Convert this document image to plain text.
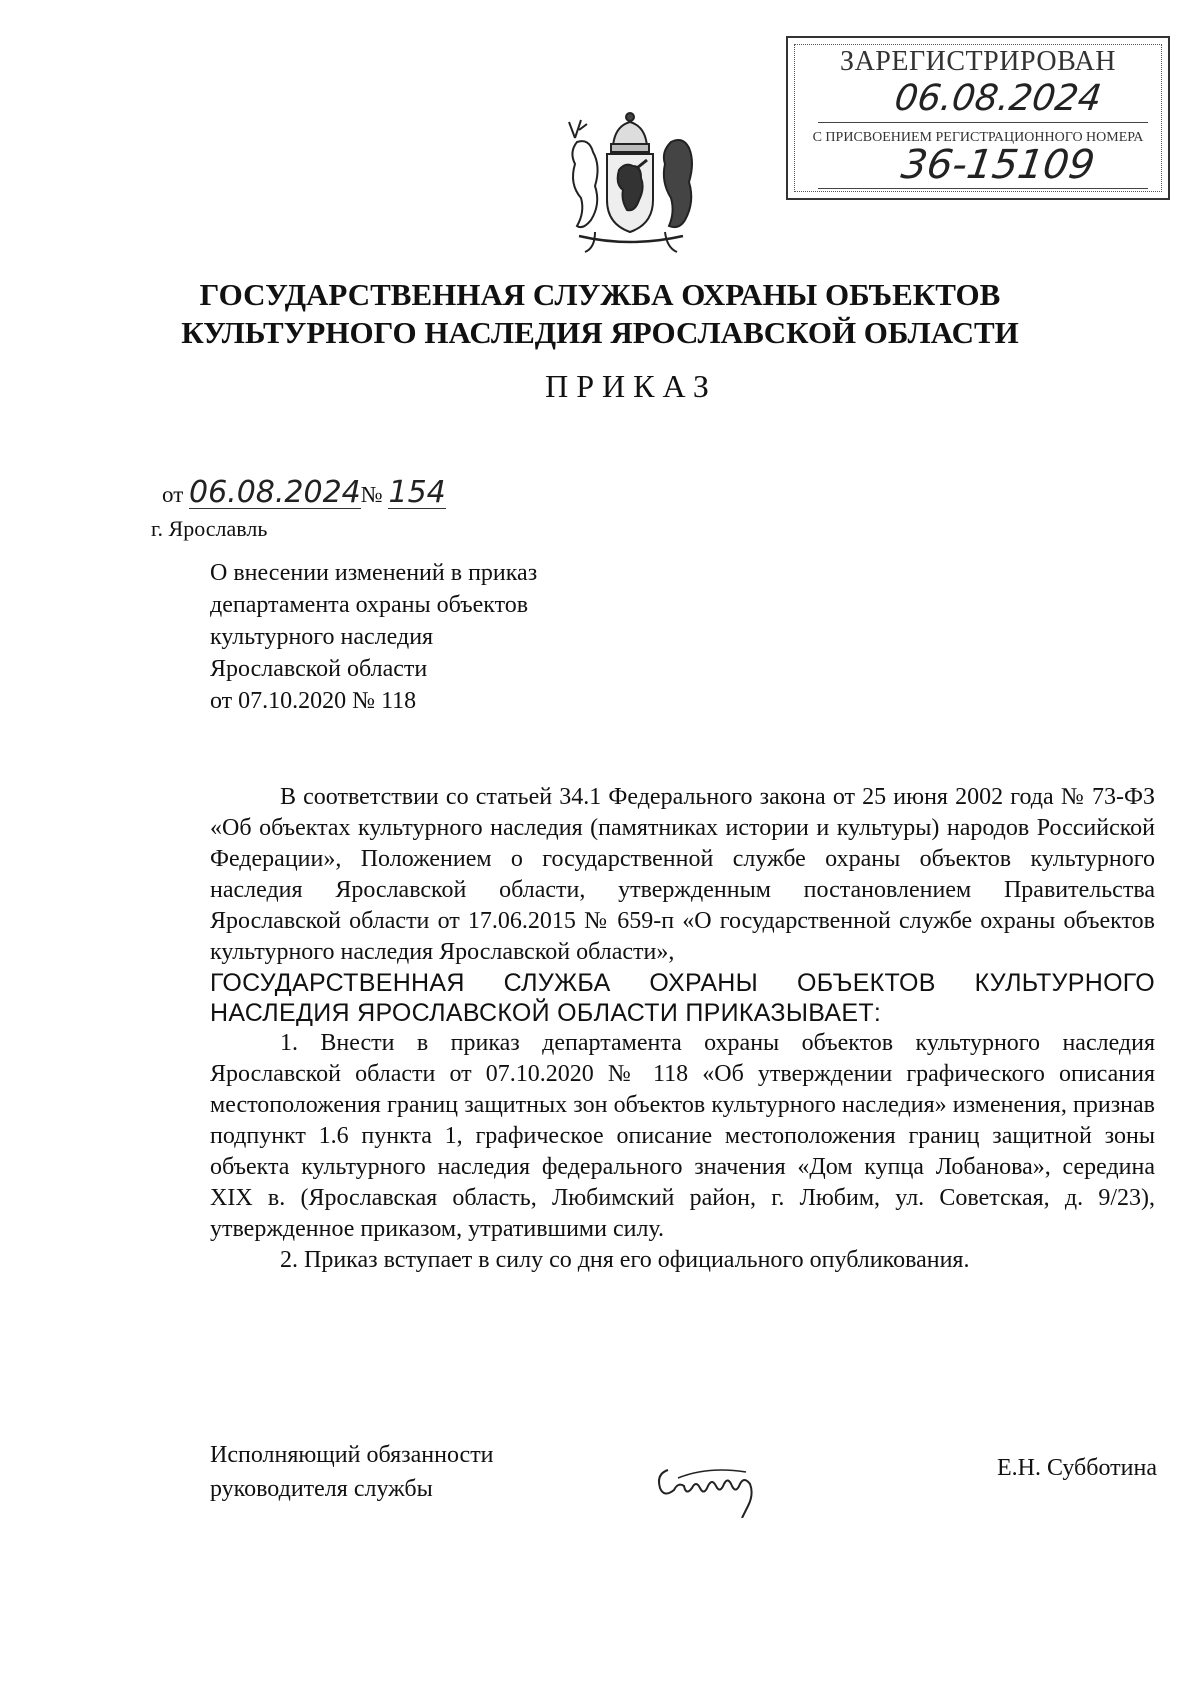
ЗАРЕГИСТРИРОВАН
06.08.2024
С ПРИСВОЕНИЕМ РЕГИСТРАЦИОННОГО НОМЕРА
36-15109
ГОСУДАРСТВЕННАЯ СЛУЖБА ОХРАНЫ ОБЪЕКТОВ
КУЛЬТУРНОГО НАСЛЕДИЯ ЯРОСЛАВСКОЙ ОБЛАСТИ
ПРИКАЗ
от 06.08.2024№ 154
г. Ярославль
О внесении изменений в приказ
департамента охраны объектов
культурного наследия
Ярославской области
от 07.10.2020 № 118

В соответствии со статьей 34.1 Федерального закона от 25 июня 2002 года № 73-ФЗ «Об объектах культурного наследия (памятниках истории и культуры) народов Российской Федерации», Положением о государственной службе охраны объектов культурного наследия Ярославской области, утвержденным постановлением Правительства Ярославской области от 17.06.2015 № 659-п «О государственной службе охраны объектов культурного наследия Ярославской области»,

ГОСУДАРСТВЕННАЯ СЛУЖБА ОХРАНЫ ОБЪЕКТОВ КУЛЬТУРНОГО НАСЛЕДИЯ ЯРОСЛАВСКОЙ ОБЛАСТИ ПРИКАЗЫВАЕТ:

1. Внести в приказ департамента охраны объектов культурного наследия Ярославской области от 07.10.2020 № 118 «Об утверждении графического описания местоположения границ защитных зон объектов культурного наследия» изменения, признав подпункт 1.6 пункта 1, графическое описание местоположения границ защитной зоны объекта культурного наследия федерального значения «Дом купца Лобанова», середина XIX в. (Ярославская область, Любимский район, г. Любим, ул. Советская, д. 9/23), утвержденное приказом, утратившими силу.

2. Приказ вступает в силу со дня его официального опубликования.

Исполняющий обязанности
руководителя службы
Е.Н. Субботина
